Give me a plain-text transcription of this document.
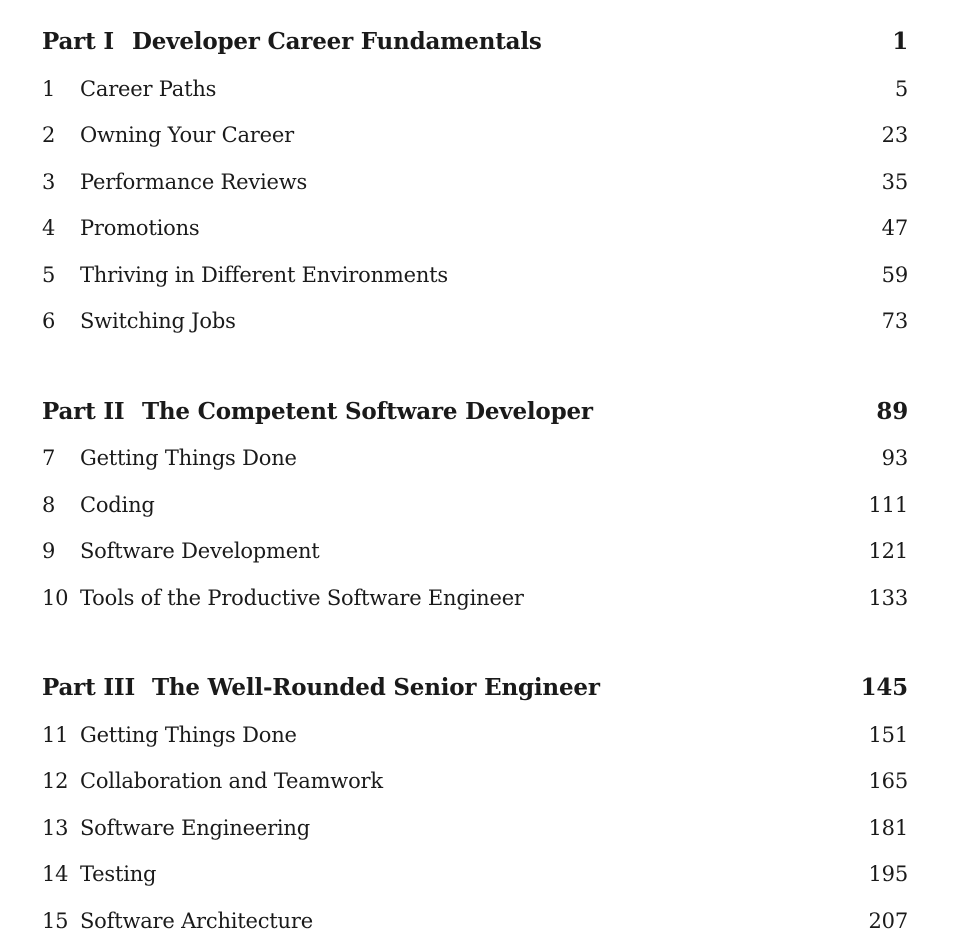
Part I Developer Career Fundamentals	1
1 Career Paths	5
2 Owning Your Career	23
3 Performance Reviews	35
4 Promotions	47
5 Thriving in Different Environments	59
6 Switching Jobs	73
Part II The Competent Software Developer	89
7 Getting Things Done	93
8 Coding	111
9 Software Development	121
10 Tools of the Productive Software Engineer	133
Part III The Well-Rounded Senior Engineer	145
11 Getting Things Done	151
12 Collaboration and Teamwork	165
13 Software Engineering	181
14 Testing	195
15 Software Architecture	207
